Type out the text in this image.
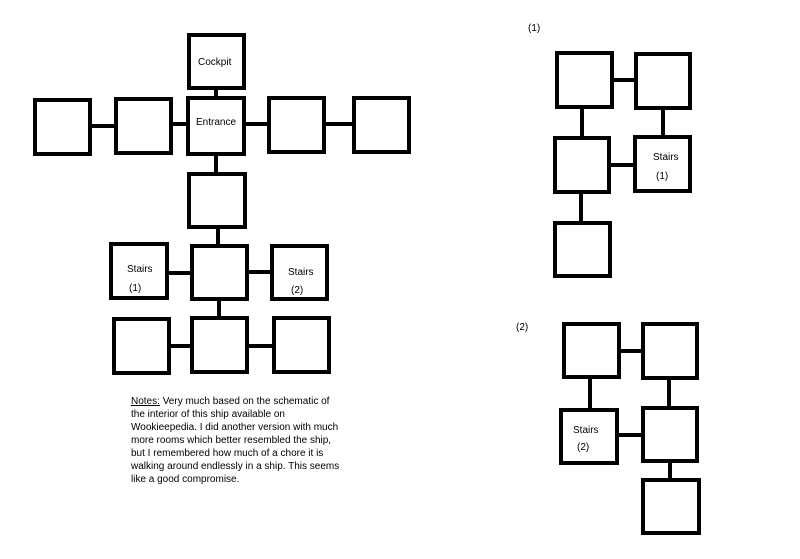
Cockpit
Entrance
Stairs
(1)
Stairs
(2)
(1)
Stairs
(1)
(2)
Stairs
(2)
Notes: Very much based on the schematic of the interior of this ship available on Wookieepedia. I did another version with much more rooms which better resembled the ship, but I remembered how much of a chore it is walking around endlessly in a ship. This seems like a good compromise.
